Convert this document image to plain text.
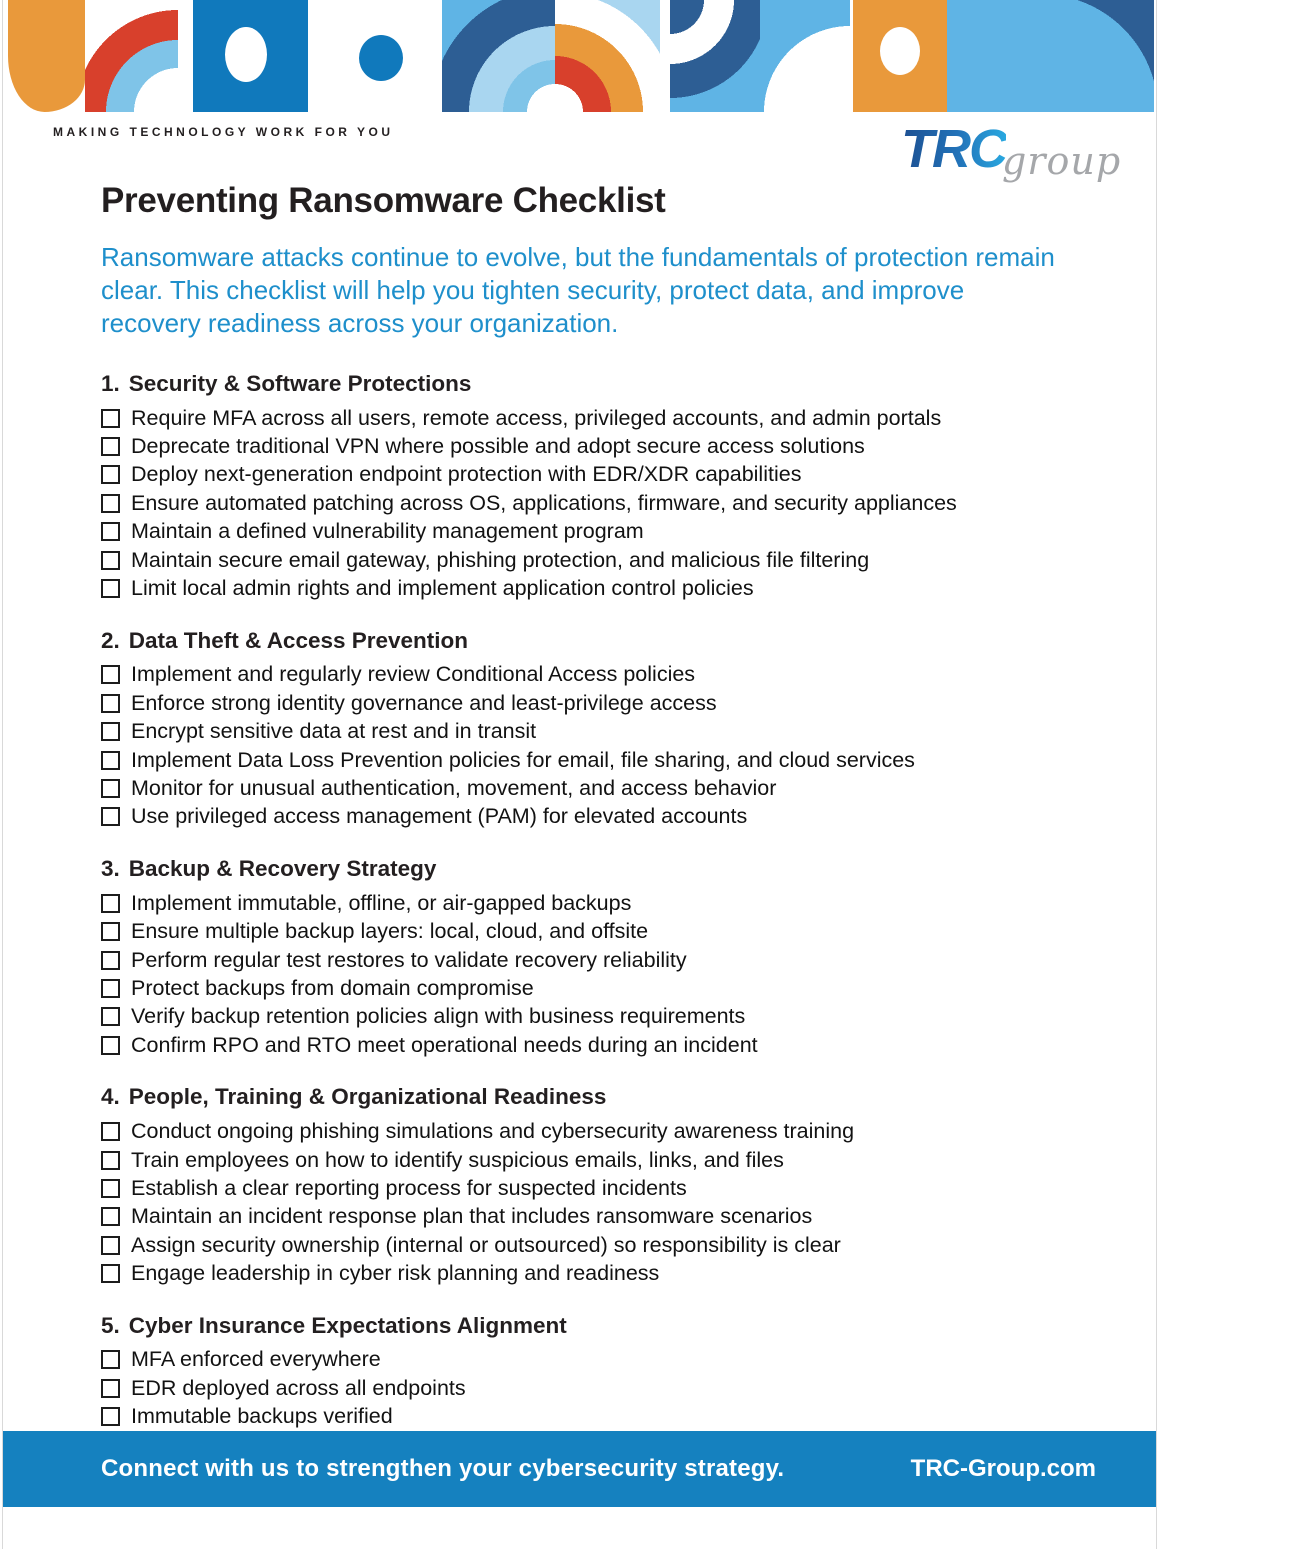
MAKING TECHNOLOGY WORK FOR YOU	TRCgroup
Preventing Ransomware Checklist
Ransomware attacks continue to evolve, but the fundamentals of protection remain clear. This checklist will help you tighten security, protect data, and improve recovery readiness across your organization.
1. Security & Software Protections
Require MFA across all users, remote access, privileged accounts, and admin portals
Deprecate traditional VPN where possible and adopt secure access solutions
Deploy next-generation endpoint protection with EDR/XDR capabilities
Ensure automated patching across OS, applications, firmware, and security appliances
Maintain a defined vulnerability management program
Maintain secure email gateway, phishing protection, and malicious file filtering
Limit local admin rights and implement application control policies
2. Data Theft & Access Prevention
Implement and regularly review Conditional Access policies
Enforce strong identity governance and least-privilege access
Encrypt sensitive data at rest and in transit
Implement Data Loss Prevention policies for email, file sharing, and cloud services
Monitor for unusual authentication, movement, and access behavior
Use privileged access management (PAM) for elevated accounts
3. Backup & Recovery Strategy
Implement immutable, offline, or air-gapped backups
Ensure multiple backup layers: local, cloud, and offsite
Perform regular test restores to validate recovery reliability
Protect backups from domain compromise
Verify backup retention policies align with business requirements
Confirm RPO and RTO meet operational needs during an incident
4. People, Training & Organizational Readiness
Conduct ongoing phishing simulations and cybersecurity awareness training
Train employees on how to identify suspicious emails, links, and files
Establish a clear reporting process for suspected incidents
Maintain an incident response plan that includes ransomware scenarios
Assign security ownership (internal or outsourced) so responsibility is clear
Engage leadership in cyber risk planning and readiness
5. Cyber Insurance Expectations Alignment
MFA enforced everywhere
EDR deployed across all endpoints
Immutable backups verified
Connect with us to strengthen your cybersecurity strategy.	TRC-Group.com
